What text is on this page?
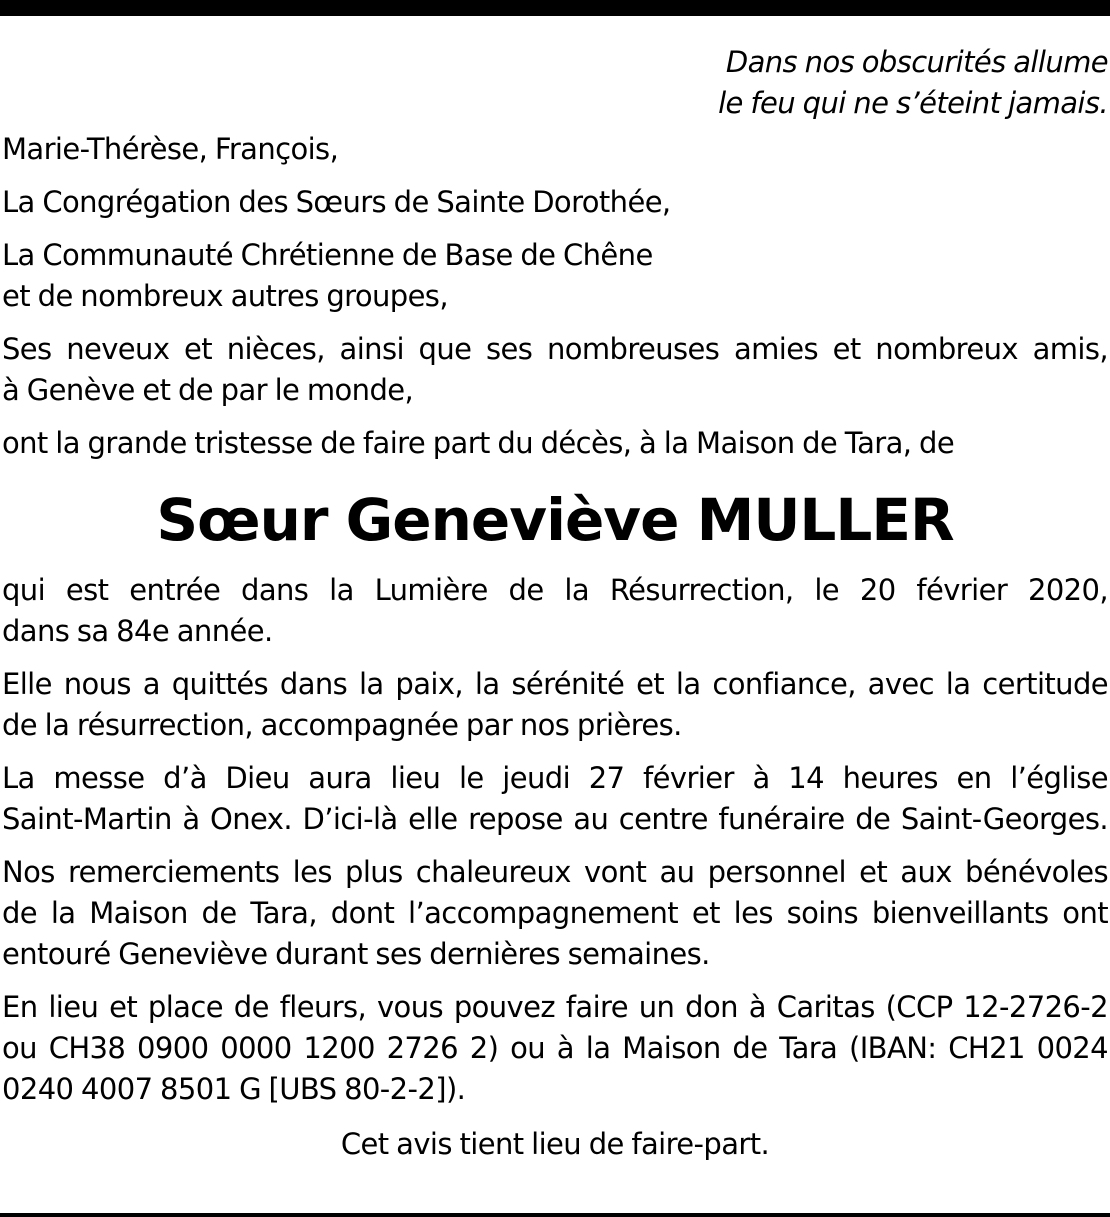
Dans nos obscurités allume
le feu qui ne s’éteint jamais.

Marie-Thérèse, François,

La Congrégation des Sœurs de Sainte Dorothée,

La Communauté Chrétienne de Base de Chêne
et de nombreux autres groupes,

Ses neveux et nièces, ainsi que ses nombreuses amies et nombreux amis,
à Genève et de par le monde,

ont la grande tristesse de faire part du décès, à la Maison de Tara, de

Sœur Geneviève MULLER

qui est entrée dans la Lumière de la Résurrection, le 20 février 2020,
dans sa 84e année.

Elle nous a quittés dans la paix, la sérénité et la confiance, avec la certitude
de la résurrection, accompagnée par nos prières.

La messe d’à Dieu aura lieu le jeudi 27 février à 14 heures en l’église
Saint-Martin à Onex. D’ici-là elle repose au centre funéraire de Saint-Georges.

Nos remerciements les plus chaleureux vont au personnel et aux bénévoles
de la Maison de Tara, dont l’accompagnement et les soins bienveillants ont
entouré Geneviève durant ses dernières semaines.

En lieu et place de fleurs, vous pouvez faire un don à Caritas (CCP 12-2726-2
ou CH38 0900 0000 1200 2726 2) ou à la Maison de Tara (IBAN: CH21 0024
0240 4007 8501 G [UBS 80-2-2]).

Cet avis tient lieu de faire-part.
